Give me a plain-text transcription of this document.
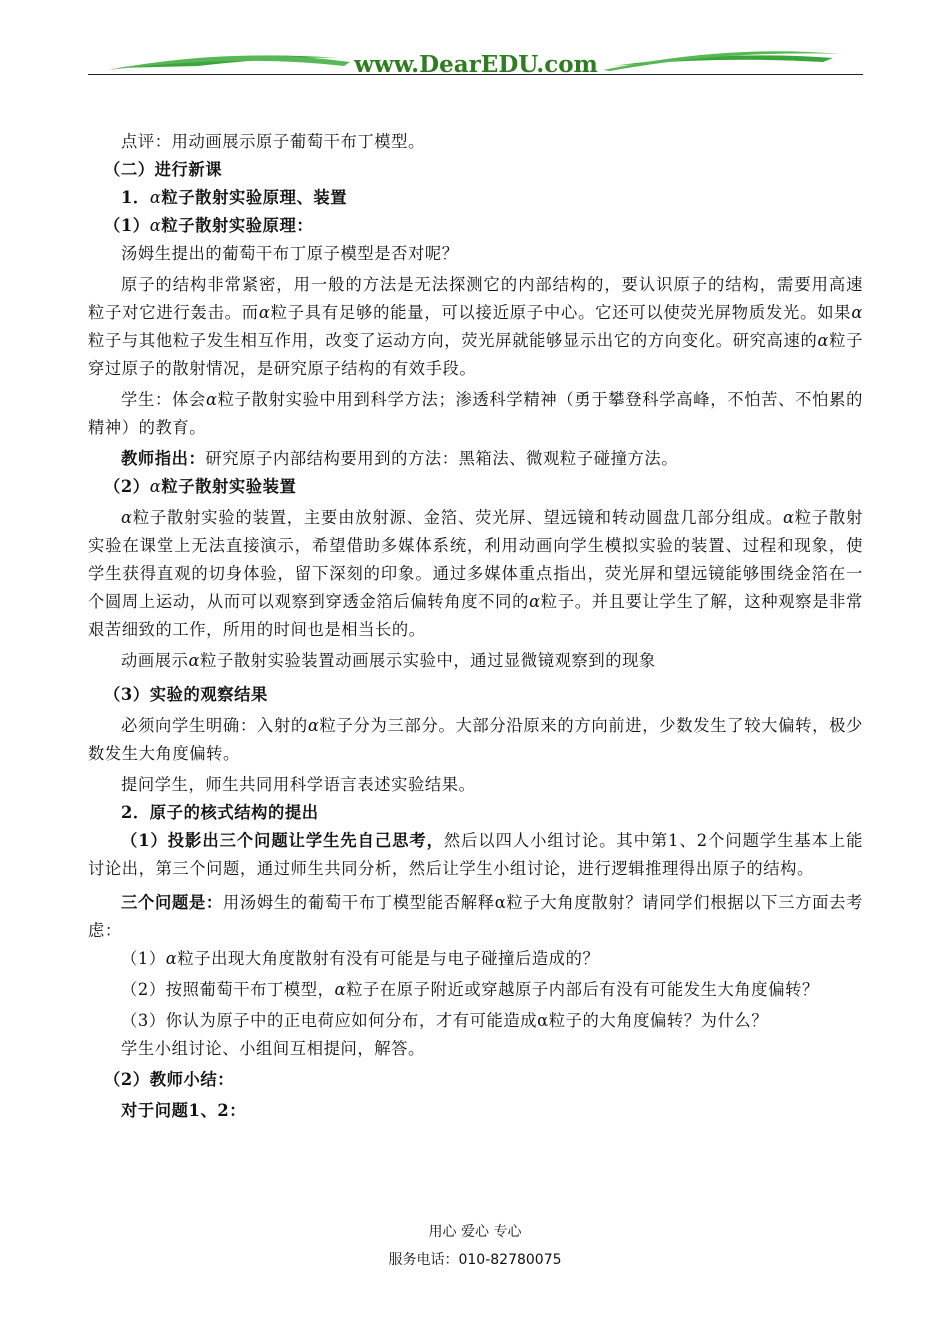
www.DearEDU.com

点评：用动画展示原子葡萄干布丁模型。

（二）进行新课

1．α粒子散射实验原理、装置

（1）α粒子散射实验原理：

汤姆生提出的葡萄干布丁原子模型是否对呢？

原子的结构非常紧密，用一般的方法是无法探测它的内部结构的，要认识原子的结构，需要用高速粒子对它进行轰击。而α粒子具有足够的能量，可以接近原子中心。它还可以使荧光屏物质发光。如果α粒子与其他粒子发生相互作用，改变了运动方向，荧光屏就能够显示出它的方向变化。研究高速的α粒子穿过原子的散射情况，是研究原子结构的有效手段。

学生：体会α粒子散射实验中用到科学方法；渗透科学精神（勇于攀登科学高峰，不怕苦、不怕累的精神）的教育。

教师指出：研究原子内部结构要用到的方法：黑箱法、微观粒子碰撞方法。

（2）α粒子散射实验装置

α粒子散射实验的装置，主要由放射源、金箔、荧光屏、望远镜和转动圆盘几部分组成。α粒子散射实验在课堂上无法直接演示，希望借助多媒体系统，利用动画向学生模拟实验的装置、过程和现象，使学生获得直观的切身体验，留下深刻的印象。通过多媒体重点指出，荧光屏和望远镜能够围绕金箔在一个圆周上运动，从而可以观察到穿透金箔后偏转角度不同的α粒子。并且要让学生了解，这种观察是非常艰苦细致的工作，所用的时间也是相当长的。

动画展示α粒子散射实验装置动画展示实验中，通过显微镜观察到的现象

（3）实验的观察结果

必须向学生明确：入射的α粒子分为三部分。大部分沿原来的方向前进，少数发生了较大偏转，极少数发生大角度偏转。

提问学生，师生共同用科学语言表述实验结果。

2．原子的核式结构的提出

（1）投影出三个问题让学生先自己思考，然后以四人小组讨论。其中第1、2个问题学生基本上能讨论出，第三个问题，通过师生共同分析，然后让学生小组讨论，进行逻辑推理得出原子的结构。

三个问题是：用汤姆生的葡萄干布丁模型能否解释α粒子大角度散射？请同学们根据以下三方面去考虑：

（1）α粒子出现大角度散射有没有可能是与电子碰撞后造成的？

（2）按照葡萄干布丁模型，α粒子在原子附近或穿越原子内部后有没有可能发生大角度偏转？

（3）你认为原子中的正电荷应如何分布，才有可能造成α粒子的大角度偏转？为什么？

学生小组讨论、小组间互相提问，解答。

（2）教师小结：

对于问题1、2：

用心 爱心 专心
服务电话：010-82780075
